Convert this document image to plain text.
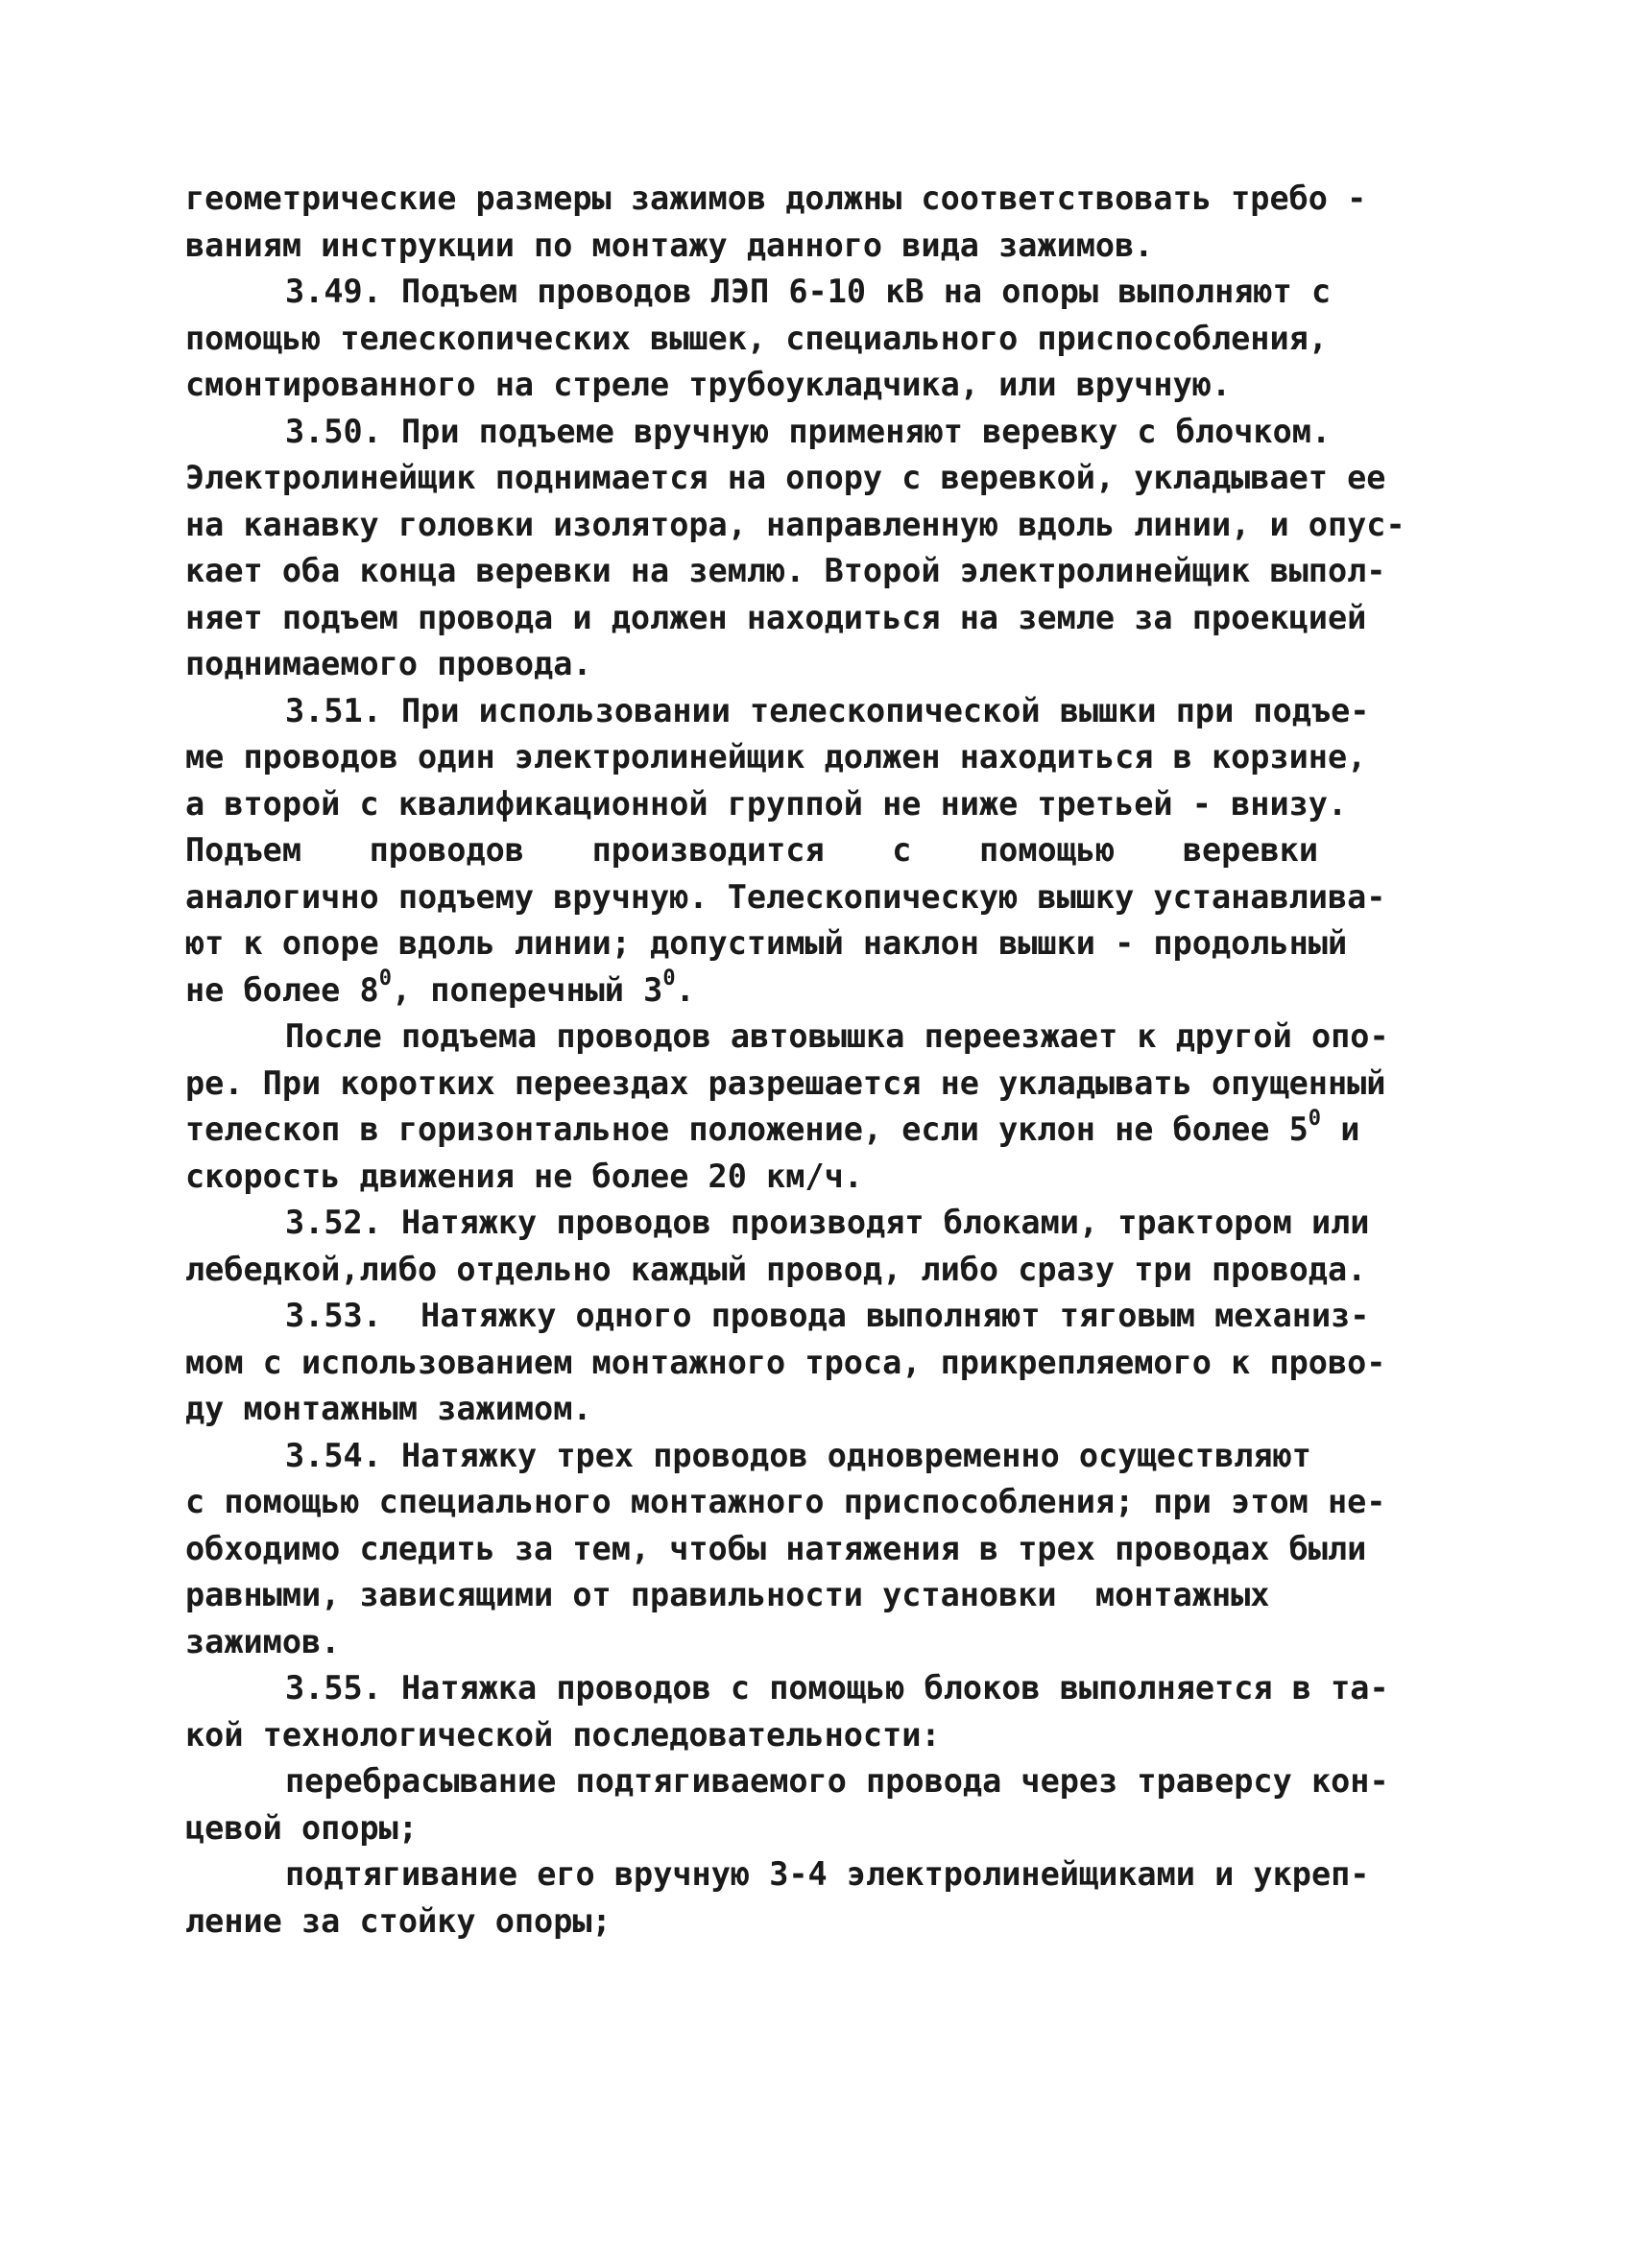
геометрические размеры зажимов должны соответствовать требо -
ваниям инструкции по монтажу данного вида зажимов.
3.49. Подъем проводов ЛЭП 6-10 кВ на опоры выполняют с
помощью телескопических вышек, специального приспособления,
смонтированного на стреле трубоукладчика, или вручную.
3.50. При подъеме вручную применяют веревку с блочком.
Электролинейщик поднимается на опору с веревкой, укладывает ее
на канавку головки изолятора, направленную вдоль линии, и опус-
кает оба конца веревки на землю. Второй электролинейщик выпол-
няет подъем провода и должен находиться на земле за проекцией
поднимаемого провода.
3.51. При использовании телескопической вышки при подъе-
ме проводов один электролинейщик должен находиться в корзине,
а второй с квалификационной группой не ниже третьей - внизу.
Подъем проводов производится с помощью веревки
аналогично подъему вручную. Телескопическую вышку устанавлива-
ют к опоре вдоль линии; допустимый наклон вышки - продольный
не более $8^0$, поперечный $3^0$.
После подъема проводов автовышка переезжает к другой опо-
ре. При коротких переездах разрешается не укладывать опущенный
телескоп в горизонтальное положение, если уклон не более $5^0$ и
скорость движения не более 20 км/ч.
3.52. Натяжку проводов производят блоками, трактором или
лебедкой,либо отдельно каждый провод, либо сразу три провода.
3.53.  Натяжку одного провода выполняют тяговым механиз-
мом с использованием монтажного троса, прикрепляемого к прово-
ду монтажным зажимом.
3.54. Натяжку трех проводов одновременно осуществляют
с помощью специального монтажного приспособления; при этом не-
обходимо следить за тем, чтобы натяжения в трех проводах были
равными, зависящими от правильности установки  монтажных
зажимов.
3.55. Натяжка проводов с помощью блоков выполняется в та-
кой технологической последовательности:
перебрасывание подтягиваемого провода через траверсу кон-
цевой опоры;
подтягивание его вручную 3-4 электролинейщиками и укреп-
ление за стойку опоры;
